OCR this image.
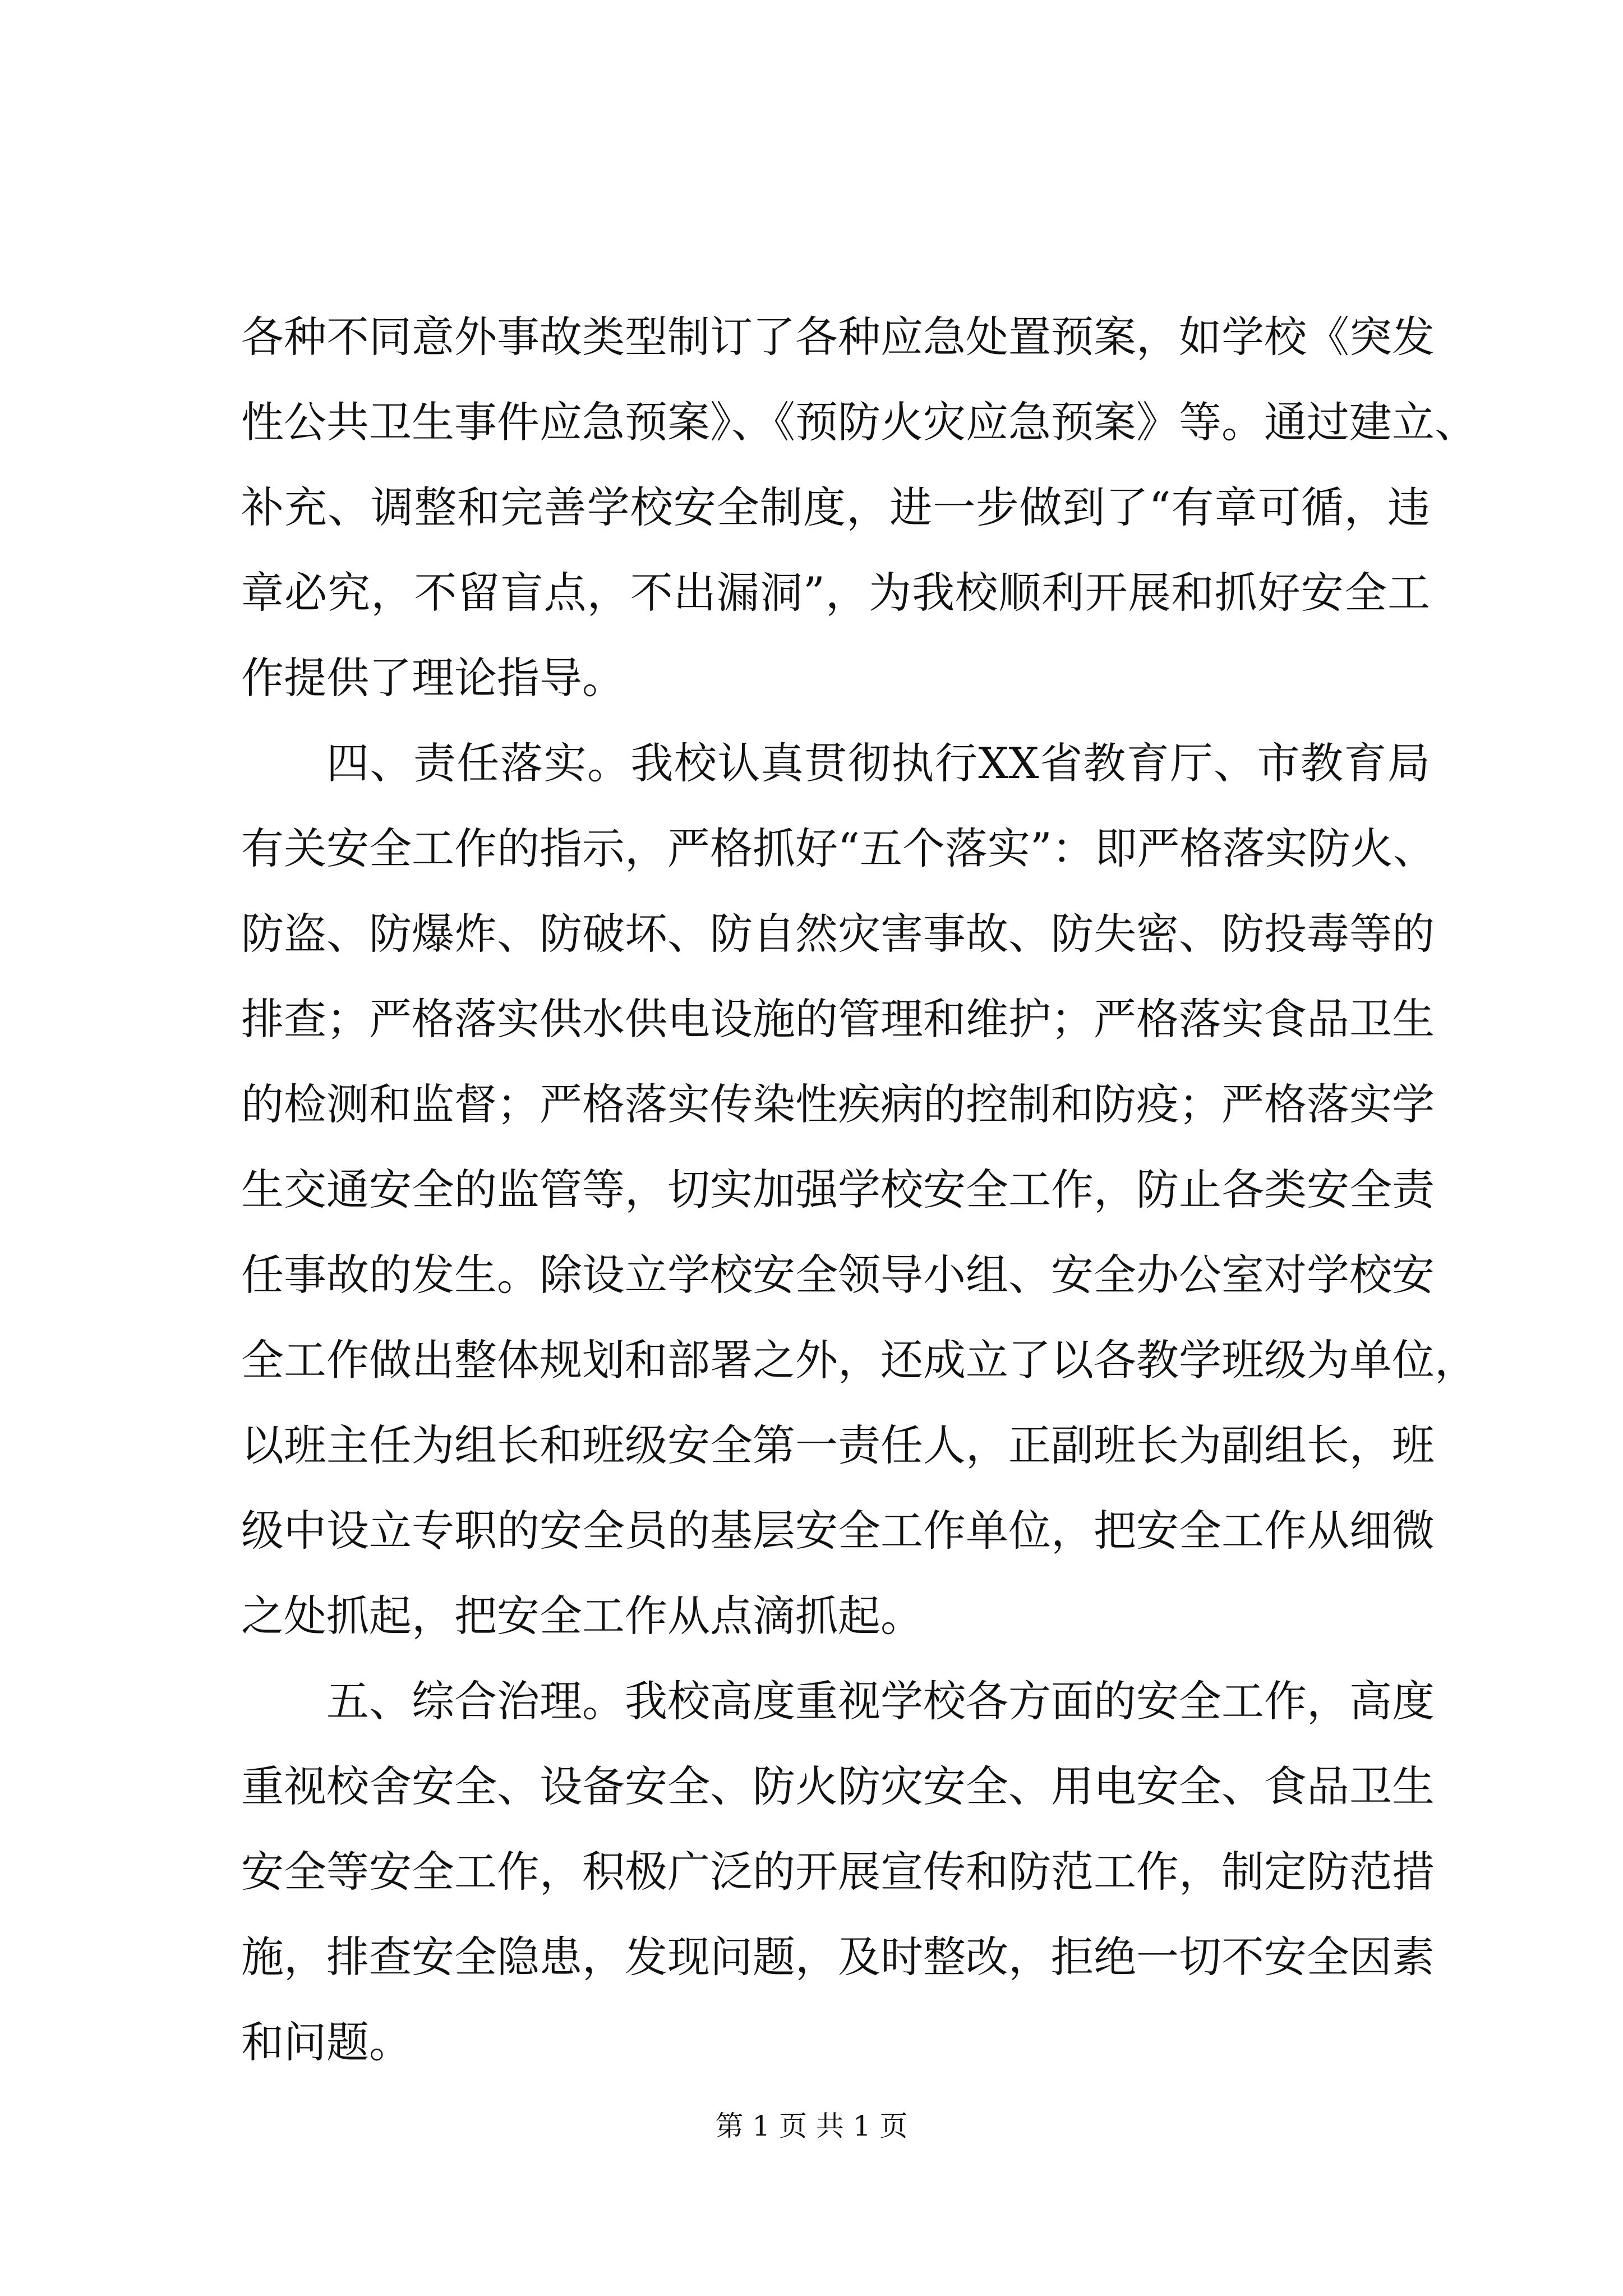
各种不同意外事故类型制订了各种应急处置预案，如学校《突发
性公共卫生事件应急预案》、《预防火灾应急预案》等。通过建立、
补充、调整和完善学校安全制度，进一步做到了“有章可循，违
章必究，不留盲点，不出漏洞”，为我校顺利开展和抓好安全工
作提供了理论指导。
四、责任落实。我校认真贯彻执行XX省教育厅、市教育局
有关安全工作的指示，严格抓好“五个落实”：即严格落实防火、
防盗、防爆炸、防破坏、防自然灾害事故、防失密、防投毒等的
排查；严格落实供水供电设施的管理和维护；严格落实食品卫生
的检测和监督；严格落实传染性疾病的控制和防疫；严格落实学
生交通安全的监管等，切实加强学校安全工作，防止各类安全责
任事故的发生。除设立学校安全领导小组、安全办公室对学校安
全工作做出整体规划和部署之外，还成立了以各教学班级为单位，
以班主任为组长和班级安全第一责任人，正副班长为副组长，班
级中设立专职的安全员的基层安全工作单位，把安全工作从细微
之处抓起，把安全工作从点滴抓起。
五、综合治理。我校高度重视学校各方面的安全工作，高度
重视校舍安全、设备安全、防火防灾安全、用电安全、食品卫生
安全等安全工作，积极广泛的开展宣传和防范工作，制定防范措
施，排查安全隐患，发现问题，及时整改，拒绝一切不安全因素
和问题。
第 1 页 共 1 页
